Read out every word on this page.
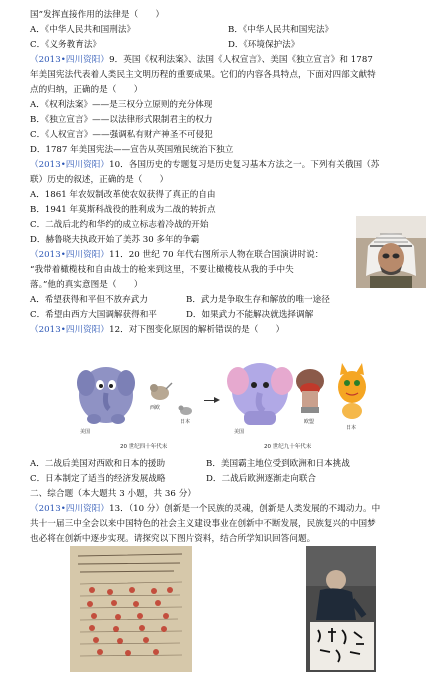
国”发挥直接作用的法律是（　　）
A．《中华人民共和国刑法》	B．《中华人民共和国宪法》
C．《义务教育法》	D．《环境保护法》
（2013•四川资阳）9．英国《权利法案》、法国《人权宣言》、美国《独立宣言》和 1787
年美国宪法代表着人类民主文明历程的重要成果。它们的内容各具特点，下面对四部文献特
点的归纳，正确的是（　　）
A．《权利法案》——是三权分立原则的充分体现
B．《独立宣言》——以法律形式限制君主的权力
C．《人权宣言》——强调私有财产神圣不可侵犯
D．1787 年美国宪法——宣告从英国殖民统治下独立
（2013•四川资阳）10．各国历史的专题复习是历史复习基本方法之一。下列有关俄国（苏
联）历史的叙述，正确的是（　　）
A．1861 年农奴制改革使农奴获得了真正的自由
B．1941 年莫斯科战役的胜利成为二战的转折点
C．二战后北约和华约的成立标志着冷战的开始
D．赫鲁晓夫执政开始了美苏 30 多年的争霸
（2013•四川资阳）11．20 世纪 70 年代右图所示人物在联合国演讲时说：
“我带着橄榄枝和自由战士的枪来到这里，不要让橄榄枝从我的手中失
落。”他的真实意图是（　　）
A．希望获得和平但不放弃武力	B．武力是争取生存和解放的唯一途径
C．希望由西方大国调解获得和平	D．如果武力不能解决就选择调解
（2013•四川资阳）12．对下图变化原因的解析错误的是（　　）
美国
西欧
日本
20 世纪四十年代末
美国
欧盟
日本
20 世纪九十年代末
A．二战后美国对西欧和日本的援助	B．美国霸主地位受到欧洲和日本挑战
C．日本制定了适当的经济发展战略	D．二战后欧洲逐渐走向联合
二、综合题（本大题共 3 小题，共 36 分）
（2013•四川资阳）13．（10 分）创新是一个民族的灵魂，创新是人类发展的不竭动力。中
共十一届三中全会以来中国特色的社会主义建设事业在创新中不断发展，民族复兴的中国梦
也必将在创新中逐步实现。请探究以下图片资料，结合所学知识回答问题。
